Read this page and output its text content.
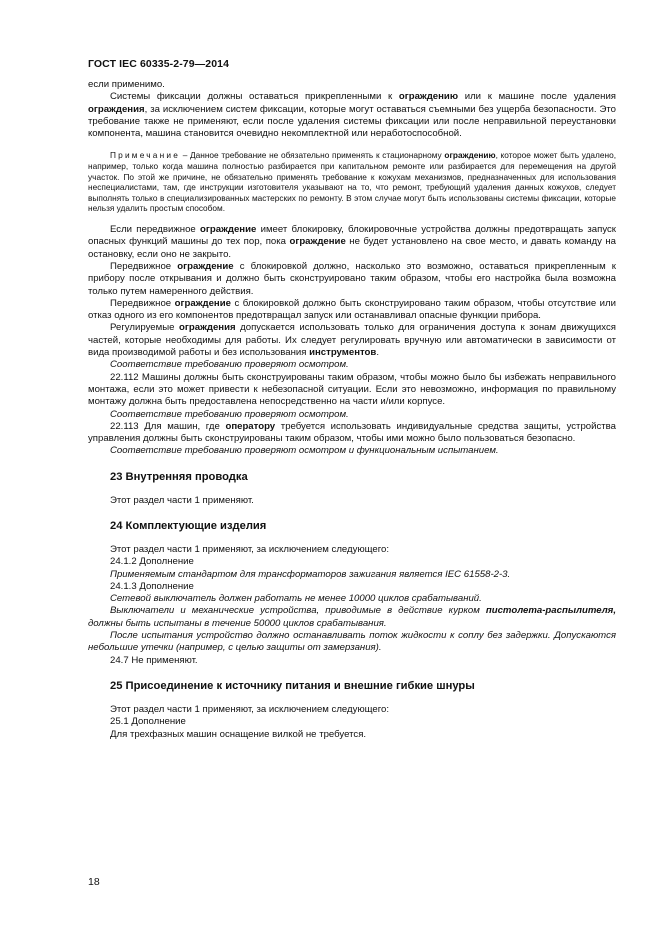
ГОСТ IEC 60335-2-79—2014

если применимо.

Системы фиксации должны оставаться прикрепленными к ограждению или к машине после удаления ограждения, за исключением систем фиксации, которые могут оставаться съемными без ущерба безопасности. Это требование также не применяют, если после удаления системы фиксации или после неправильной переустановки компонента, машина становится очевидно некомплектной или неработоспособной.

Примечание – Данное требование не обязательно применять к стационарному ограждению, которое может быть удалено, например, только когда машина полностью разбирается при капитальном ремонте или разбирается для перемещения на другой участок. По этой же причине, не обязательно применять требование к кожухам механизмов, предназначенных для использования неспециалистами, там, где инструкции изготовителя указывают на то, что ремонт, требующий удаления данных кожухов, следует выполнять только в специализированных мастерских по ремонту. В этом случае могут быть использованы системы фиксации, которые нельзя удалить простым способом.

Если передвижное ограждение имеет блокировку, блокировочные устройства должны предотвращать запуск опасных функций машины до тех пор, пока ограждение не будет установлено на свое место, и давать команду на остановку, если оно не закрыто.

Передвижное ограждение с блокировкой должно, насколько это возможно, оставаться прикрепленным к прибору после открывания и должно быть сконструировано таким образом, чтобы его настройка была возможна только путем намеренного действия.

Передвижное ограждение с блокировкой должно быть сконструировано таким образом, чтобы отсутствие или отказ одного из его компонентов предотвращал запуск или останавливал опасные функции прибора.

Регулируемые ограждения допускается использовать только для ограничения доступа к зонам движущихся частей, которые необходимы для работы. Их следует регулировать вручную или автоматически в зависимости от вида производимой работы и без использования инструментов.

Соответствие требованию проверяют осмотром.

22.112 Машины должны быть сконструированы таким образом, чтобы можно было бы избежать неправильного монтажа, если это может привести к небезопасной ситуации. Если это невозможно, информация по правильному монтажу должна быть предоставлена непосредственно на части и/или корпусе.

Соответствие требованию проверяют осмотром.

22.113 Для машин, где оператору требуется использовать индивидуальные средства защиты, устройства управления должны быть сконструированы таким образом, чтобы ими можно было пользоваться безопасно.

Соответствие требованию проверяют осмотром и функциональным испытанием.

23 Внутренняя проводка

Этот раздел части 1 применяют.

24 Комплектующие изделия

Этот раздел части 1 применяют, за исключением следующего:

24.1.2 Дополнение

Применяемым стандартом для трансформаторов зажигания является IEC 61558-2-3.

24.1.3 Дополнение

Сетевой выключатель должен работать не менее 10000 циклов срабатываний.

Выключатели и механические устройства, приводимые в действие курком пистолета-распылителя, должны быть испытаны в течение 50000 циклов срабатывания.

После испытания устройство должно останавливать поток жидкости к соплу без задержки. Допускаются небольшие утечки (например, с целью защиты от замерзания).

24.7 Не применяют.

25 Присоединение к источнику питания и внешние гибкие шнуры

Этот раздел части 1 применяют, за исключением следующего:

25.1 Дополнение

Для трехфазных машин оснащение вилкой не требуется.

18
